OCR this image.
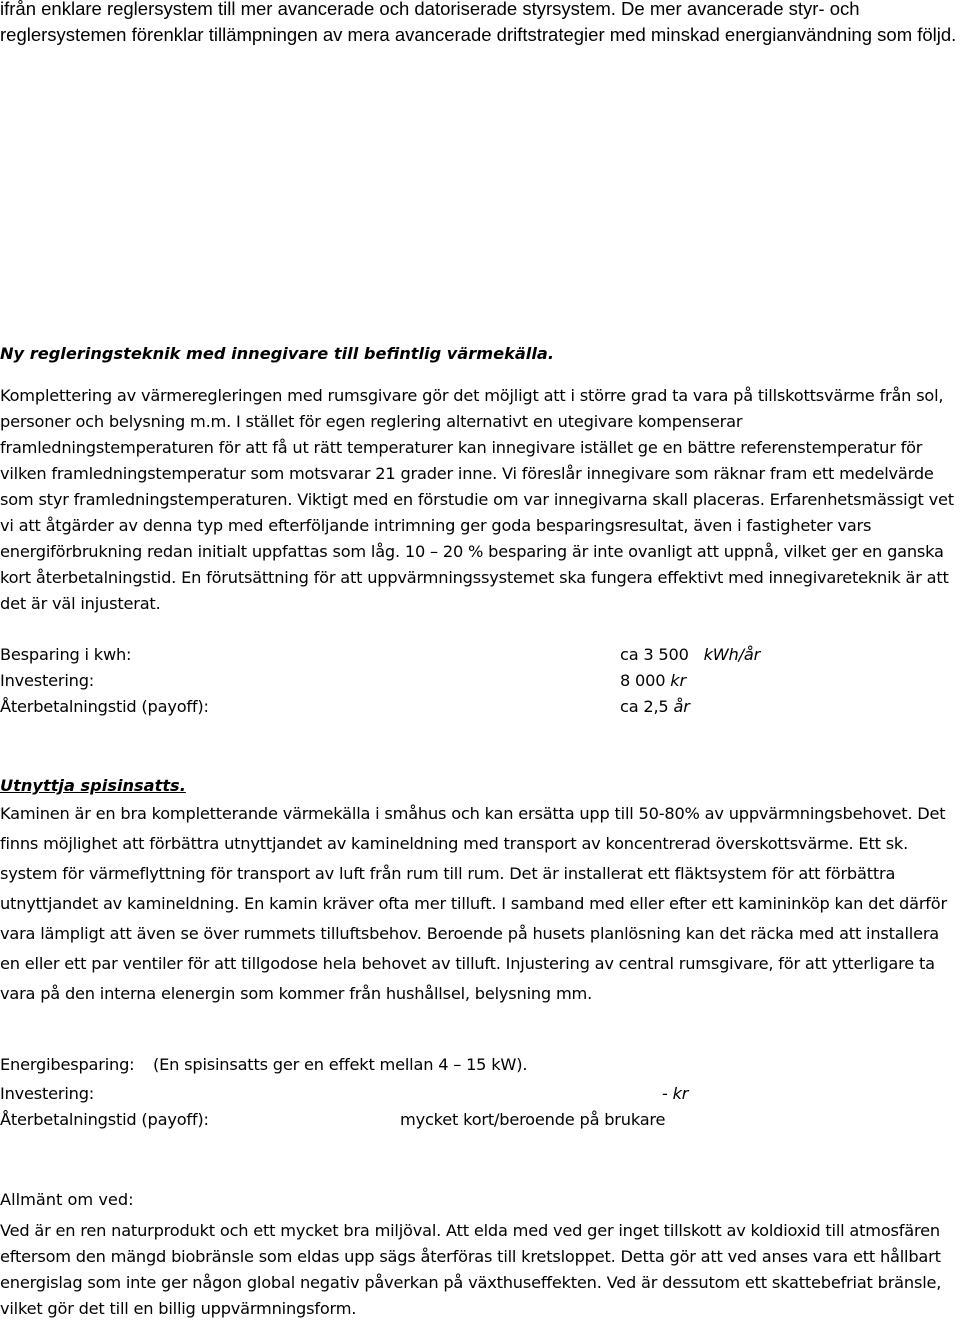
ifrån enklare reglersystem till mer avancerade och datoriserade styrsystem. De mer avancerade styr- och reglersystemen förenklar tillämpningen av mera avancerade driftstrategier med minskad energianvändning som följd.

Ny regleringsteknik med innegivare till befintlig värmekälla.

Komplettering av värmeregleringen med rumsgivare gör det möjligt att i större grad ta vara på tillskottsvärme från sol, personer och belysning m.m. I stället för egen reglering alternativt en utegivare kompenserar framledningstemperaturen för att få ut rätt temperaturer kan innegivare istället ge en bättre referenstemperatur för vilken framledningstemperatur som motsvarar 21 grader inne. Vi föreslår innegivare som räknar fram ett medelvärde som styr framledningstemperaturen. Viktigt med en förstudie om var innegivarna skall placeras. Erfarenhetsmässigt vet vi att åtgärder av denna typ med efterföljande intrimning ger goda besparingsresultat, även i fastigheter vars energiförbrukning redan initialt uppfattas som låg. 10 – 20 % besparing är inte ovanligt att uppnå, vilket ger en ganska kort återbetalningstid. En förutsättning för att uppvärmningssystemet ska fungera effektivt med innegivareteknik är att det är väl injusterat.

Besparing i kwh:	ca 3 500 kWh/år
Investering:	8 000 kr
Återbetalningstid (payoff):	ca 2,5 år

Utnyttja spisinsatts.

Kaminen är en bra kompletterande värmekälla i småhus och kan ersätta upp till 50-80% av uppvärmningsbehovet. Det finns möjlighet att förbättra utnyttjandet av kamineldning med transport av koncentrerad överskottsvärme. Ett sk. system för värmeflyttning för transport av luft från rum till rum. Det är installerat ett fläktsystem för att förbättra utnyttjandet av kamineldning. En kamin kräver ofta mer tilluft. I samband med eller efter ett kamininköp kan det därför vara lämpligt att även se över rummets tilluftsbehov. Beroende på husets planlösning kan det räcka med att installera en eller ett par ventiler för att tillgodose hela behovet av tilluft. Injustering av central rumsgivare, för att ytterligare ta vara på den interna elenergin som kommer från hushållsel, belysning mm.

Energibesparing: (En spisinsatts ger en effekt mellan 4 – 15 kW).
Investering:	- kr
Återbetalningstid (payoff):	mycket kort/beroende på brukare

Allmänt om ved:

Ved är en ren naturprodukt och ett mycket bra miljöval. Att elda med ved ger inget tillskott av koldioxid till atmosfären eftersom den mängd biobränsle som eldas upp sägs återföras till kretsloppet. Detta gör att ved anses vara ett hållbart energislag som inte ger någon global negativ påverkan på växthuseffekten. Ved är dessutom ett skattebefriat bränsle, vilket gör det till en billig uppvärmningsform.
